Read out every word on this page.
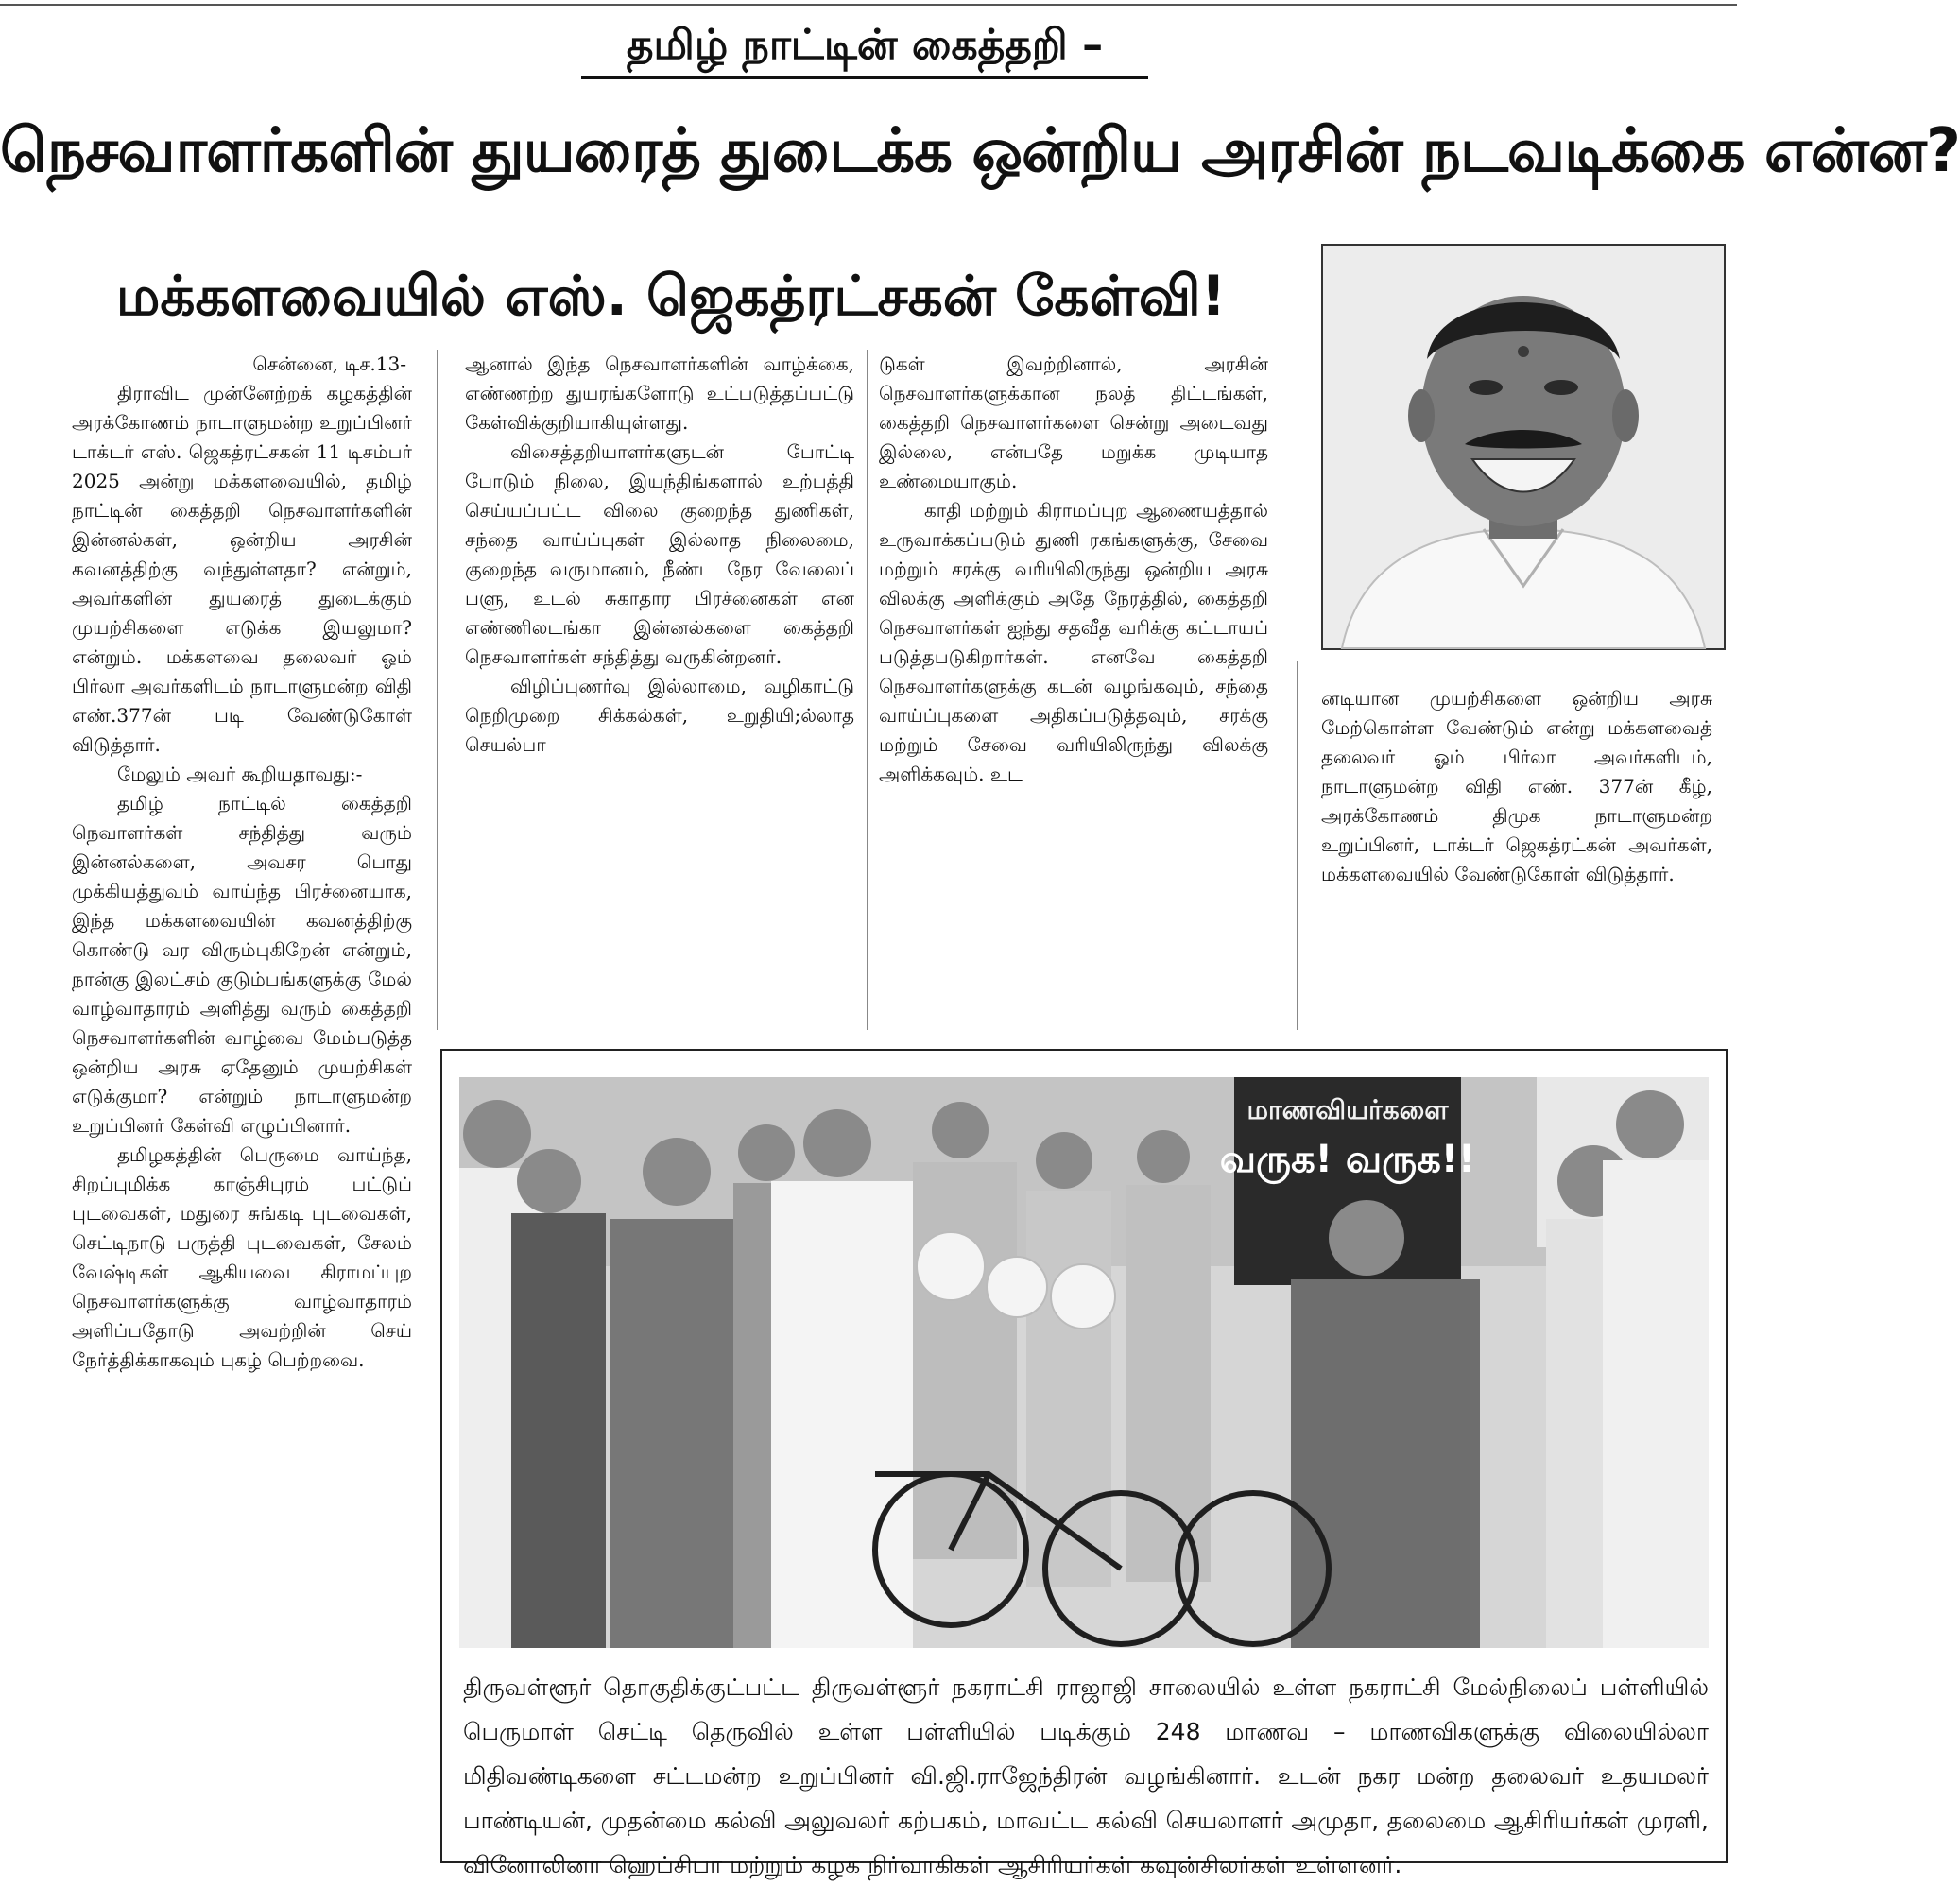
தமிழ் நாட்டின் கைத்தறி –
நெசவாளர்களின் துயரைத் துடைக்க ஒன்றிய அரசின் நடவடிக்கை என்ன?
மக்களவையில் எஸ். ஜெகத்ரட்சகன் கேள்வி!

சென்னை, டிச.13-

திராவிட முன்னேற்றக் கழகத்தின் அரக்கோணம் நாடாளுமன்ற உறுப்பினர் டாக்டர் எஸ். ஜெகத்ரட்சகன் 11 டிசம்பர் 2025 அன்று மக்களவையில், தமிழ் நாட்டின் கைத்தறி நெசவாளர்களின் இன்னல்கள், ஒன்றிய அரசின் கவனத்திற்கு வந்துள்ளதா? என்றும், அவர்களின் துயரைத் துடைக்கும் முயற்சிகளை எடுக்க இயலுமா? என்றும். மக்களவை தலைவர் ஓம் பிர்லா அவர்களிடம் நாடாளுமன்ற விதி எண்.377ன் படி வேண்டுகோள் விடுத்தார்.

மேலும் அவர் கூறியதாவது:-

தமிழ் நாட்டில் கைத்தறி நெவாளர்கள் சந்தித்து வரும் இன்னல்களை, அவசர பொது முக்கியத்துவம் வாய்ந்த பிரச்னையாக, இந்த மக்களவையின் கவனத்திற்கு கொண்டு வர விரும்புகிறேன் என்றும், நான்கு இலட்சம் குடும்பங்களுக்கு மேல் வாழ்வாதாரம் அளித்து வரும் கைத்தறி நெசவாளர்களின் வாழ்வை மேம்படுத்த ஒன்றிய அரசு ஏதேனும் முயற்சிகள் எடுக்குமா? என்றும் நாடாளுமன்ற உறுப்பினர் கேள்வி எழுப்பினார்.

தமிழகத்தின் பெருமை வாய்ந்த, சிறப்புமிக்க காஞ்சிபுரம் பட்டுப் புடவைகள், மதுரை சுங்கடி புடவைகள், செட்டிநாடு பருத்தி புடவைகள், சேலம் வேஷ்டிகள் ஆகியவை கிராமப்புற நெசவாளர்களுக்கு வாழ்வாதாரம் அளிப்பதோடு அவற்றின் செய் நேர்த்திக்காகவும் புகழ் பெற்றவை.

ஆனால் இந்த நெசவாளர்களின் வாழ்க்கை, எண்ணற்ற துயரங்களோடு உட்படுத்தப்பட்டு கேள்விக்குறியாகியுள்ளது.

விசைத்தறியாளர்களுடன் போட்டி போடும் நிலை, இயந்திங்களால் உற்பத்தி செய்யப்பட்ட விலை குறைந்த துணிகள், சந்தை வாய்ப்புகள் இல்லாத நிலைமை, குறைந்த வருமானம், நீண்ட நேர வேலைப் பளு, உடல் சுகாதார பிரச்னைகள் என எண்ணிலடங்கா இன்னல்களை கைத்தறி நெசவாளர்கள் சந்தித்து வருகின்றனர்.

விழிப்புணர்வு இல்லாமை, வழிகாட்டு நெறிமுறை சிக்கல்கள், உறுதியி;ல்லாத செயல்பா

டுகள் இவற்றினால், அரசின் நெசவாளர்களுக்கான நலத் திட்டங்கள், கைத்தறி நெசவாளர்களை சென்று அடைவது இல்லை, என்பதே மறுக்க முடியாத உண்மையாகும்.

காதி மற்றும் கிராமப்புற ஆணையத்தால் உருவாக்கப்படும் துணி ரகங்களுக்கு, சேவை மற்றும் சரக்கு வரியிலிருந்து ஒன்றிய அரசு விலக்கு அளிக்கும் அதே நேரத்தில், கைத்தறி நெசவாளர்கள் ஐந்து சதவீத வரிக்கு கட்டாயப் படுத்தபடுகிறார்கள். எனவே கைத்தறி நெசவாளர்களுக்கு கடன் வழங்கவும், சந்தை வாய்ப்புகளை அதிகப்படுத்தவும், சரக்கு மற்றும் சேவை வரியிலிருந்து விலக்கு அளிக்கவும். உட

னடியான முயற்சிகளை ஒன்றிய அரசு மேற்கொள்ள வேண்டும் என்று மக்களவைத் தலைவர் ஓம் பிர்லா அவர்களிடம், நாடாளுமன்ற விதி எண். 377ன் கீழ், அரக்கோணம் திமுக நாடாளுமன்ற உறுப்பினர், டாக்டர் ஜெகத்ரட்கன் அவர்கள், மக்களவையில் வேண்டுகோள் விடுத்தார்.

மாணவியர்களை
வருக! வருக!!
திருவள்ளூர் தொகுதிக்குட்பட்ட திருவள்ளூர் நகராட்சி ராஜாஜி சாலையில் உள்ள நகராட்சி மேல்நிலைப் பள்ளியில் பெருமாள் செட்டி தெருவில் உள்ள பள்ளியில் படிக்கும் 248 மாணவ – மாணவிகளுக்கு விலையில்லா மிதிவண்டிகளை சட்டமன்ற உறுப்பினர் வி.ஜி.ராஜேந்திரன் வழங்கினார். உடன் நகர மன்ற தலைவர் உதயமலர் பாண்டியன், முதன்மை கல்வி அலுவலர் கற்பகம், மாவட்ட கல்வி செயலாளர் அமுதா, தலைமை ஆசிரியர்கள் முரளி, வினோலினா ஹெப்சிபா மற்றும் கழக நிர்வாகிகள் ஆசிரியர்கள் கவுன்சிலர்கள் உள்ளனர்.
